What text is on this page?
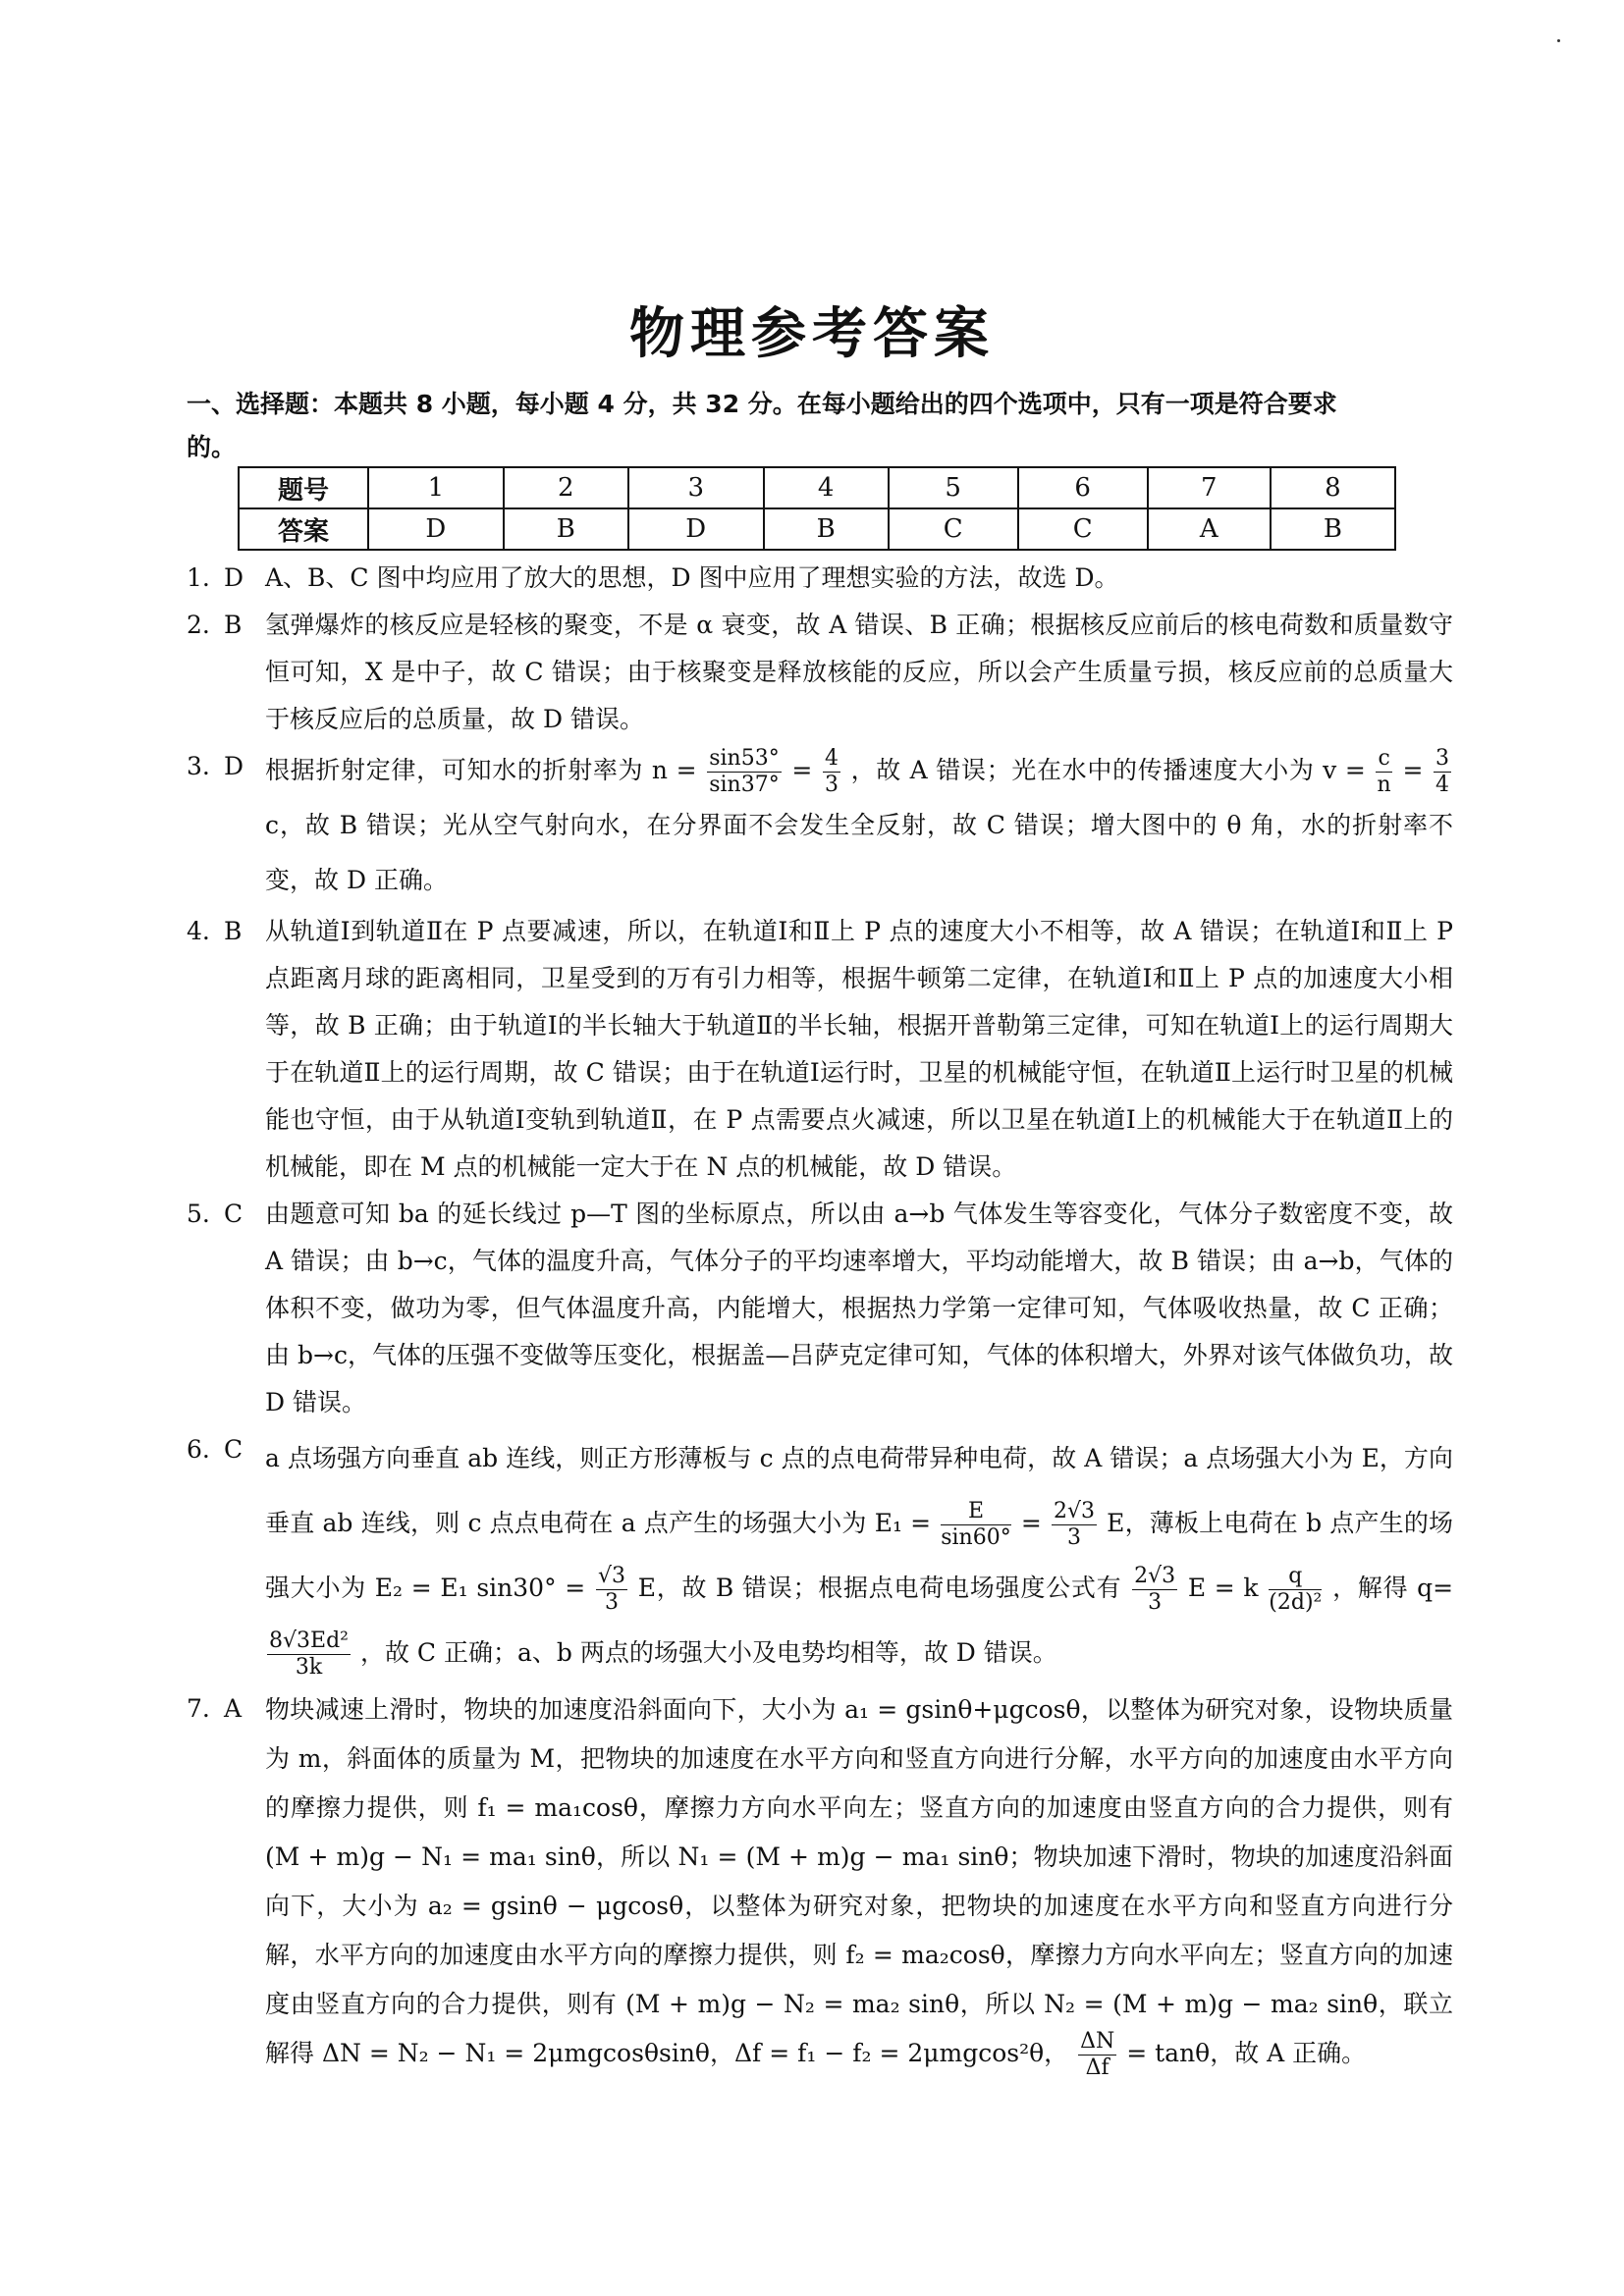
物理参考答案
一、选择题：本题共 8 小题，每小题 4 分，共 32 分。在每小题给出的四个选项中，只有一项是符合要求
的。
题号	1	2	3	4	5	6	7	8
答案	D	B	D	B	C	C	A	B
1. D A、B、C 图中均应用了放大的思想，D 图中应用了理想实验的方法，故选 D。
2. B 氢弹爆炸的核反应是轻核的聚变，不是 α 衰变，故 A 错误、B 正确；根据核反应前后的核电荷数和质量数守恒可知，X 是中子，故 C 错误；由于核聚变是释放核能的反应，所以会产生质量亏损，核反应前的总质量大于核反应后的总质量，故 D 错误。
3. D 根据折射定律，可知水的折射率为 $n = \frac{\sin 53^\circ}{\sin 37^\circ} = \frac{4}{3}$ ，故 A 错误；光在水中的传播速度大小为 $v = \frac{c}{n} = \frac{3}{4}$
c，故 B 错误；光从空气射向水，在分界面不会发生全反射，故 C 错误；增大图中的 θ 角，水的折射率不变，故 D 正确。
4. B 从轨道Ⅰ到轨道Ⅱ在 P 点要减速，所以，在轨道Ⅰ和Ⅱ上 P 点的速度大小不相等，故 A 错误；在轨道Ⅰ和Ⅱ上 P 点距离月球的距离相同，卫星受到的万有引力相等，根据牛顿第二定律，在轨道Ⅰ和Ⅱ上 P 点的加速度大小相等，故 B 正确；由于轨道Ⅰ的半长轴大于轨道Ⅱ的半长轴，根据开普勒第三定律，可知在轨道Ⅰ上的运行周期大于在轨道Ⅱ上的运行周期，故 C 错误；由于在轨道Ⅰ运行时，卫星的机械能守恒，在轨道Ⅱ上运行时卫星的机械能也守恒，由于从轨道Ⅰ变轨到轨道Ⅱ，在 P 点需要点火减速，所以卫星在轨道Ⅰ上的机械能大于在轨道Ⅱ上的机械能，即在 M 点的机械能一定大于在 N 点的机械能，故 D 错误。
5. C 由题意可知 ba 的延长线过 p—T 图的坐标原点，所以由 a→b 气体发生等容变化，气体分子数密度不变，故 A 错误；由 b→c，气体的温度升高，气体分子的平均速率增大，平均动能增大，故 B 错误；由 a→b，气体的体积不变，做功为零，但气体温度升高，内能增大，根据热力学第一定律可知，气体吸收热量，故 C 正确；由 b→c，气体的压强不变做等压变化，根据盖—吕萨克定律可知，气体的体积增大，外界对该气体做负功，故 D 错误。
6. C a 点场强方向垂直 ab 连线，则正方形薄板与 c 点的点电荷带异种电荷，故 A 错误；a 点场强大小为 E，方向垂直 ab 连线，则 c 点点电荷在 a 点产生的场强大小为 $E_1 = \frac{E}{\sin 60^\circ} = \frac{2√3}{3}$ E，薄板上电荷在 b 点产生的场强大小为 E₂ = E₁ $\sin 30^\circ = \frac{√3}{3}$ E，故 B 错误；根据点电荷电场强度公式有 $\frac{2√3}{3}$ E = k $\frac{q}{\text{(2d)²}}$ ，解得 q=
$\frac{\text{8√3Ed²}}{3k}$ ，故 C 正确；a、b 两点的场强大小及电势均相等，故 D 错误。
7. A 物块减速上滑时，物块的加速度沿斜面向下，大小为 a₁ = gsinθ+μgcosθ，以整体为研究对象，设物块质量为 m，斜面体的质量为 M，把物块的加速度在水平方向和竖直方向进行分解，水平方向的加速度由水平方向的摩擦力提供，则 f₁ = ma₁cosθ，摩擦力方向水平向左；竖直方向的加速度由竖直方向的合力提供，则有 (M + m)g − N₁ = ma₁ sinθ，所以 N₁ = (M + m)g − ma₁ sinθ；物块加速下滑时，物块的加速度沿斜面向下，大小为 a₂ = gsinθ − μgcosθ，以整体为研究对象，把物块的加速度在水平方向和竖直方向进行分解，水平方向的加速度由水平方向的摩擦力提供，则 f₂ = ma₂cosθ，摩擦力方向水平向左；竖直方向的加速度由竖直方向的合力提供，则有 (M + m)g − N₂ = ma₂ sinθ，所以 N₂ = (M + m)g − ma₂ sinθ，联立解得 ΔN = N₂ − N₁ = 2μmgcosθsinθ，Δf = f₁ − f₂ = 2μmgcos²θ， $\frac{\Delta N}{\Delta f} = \tan\theta$，故 A 正确。
